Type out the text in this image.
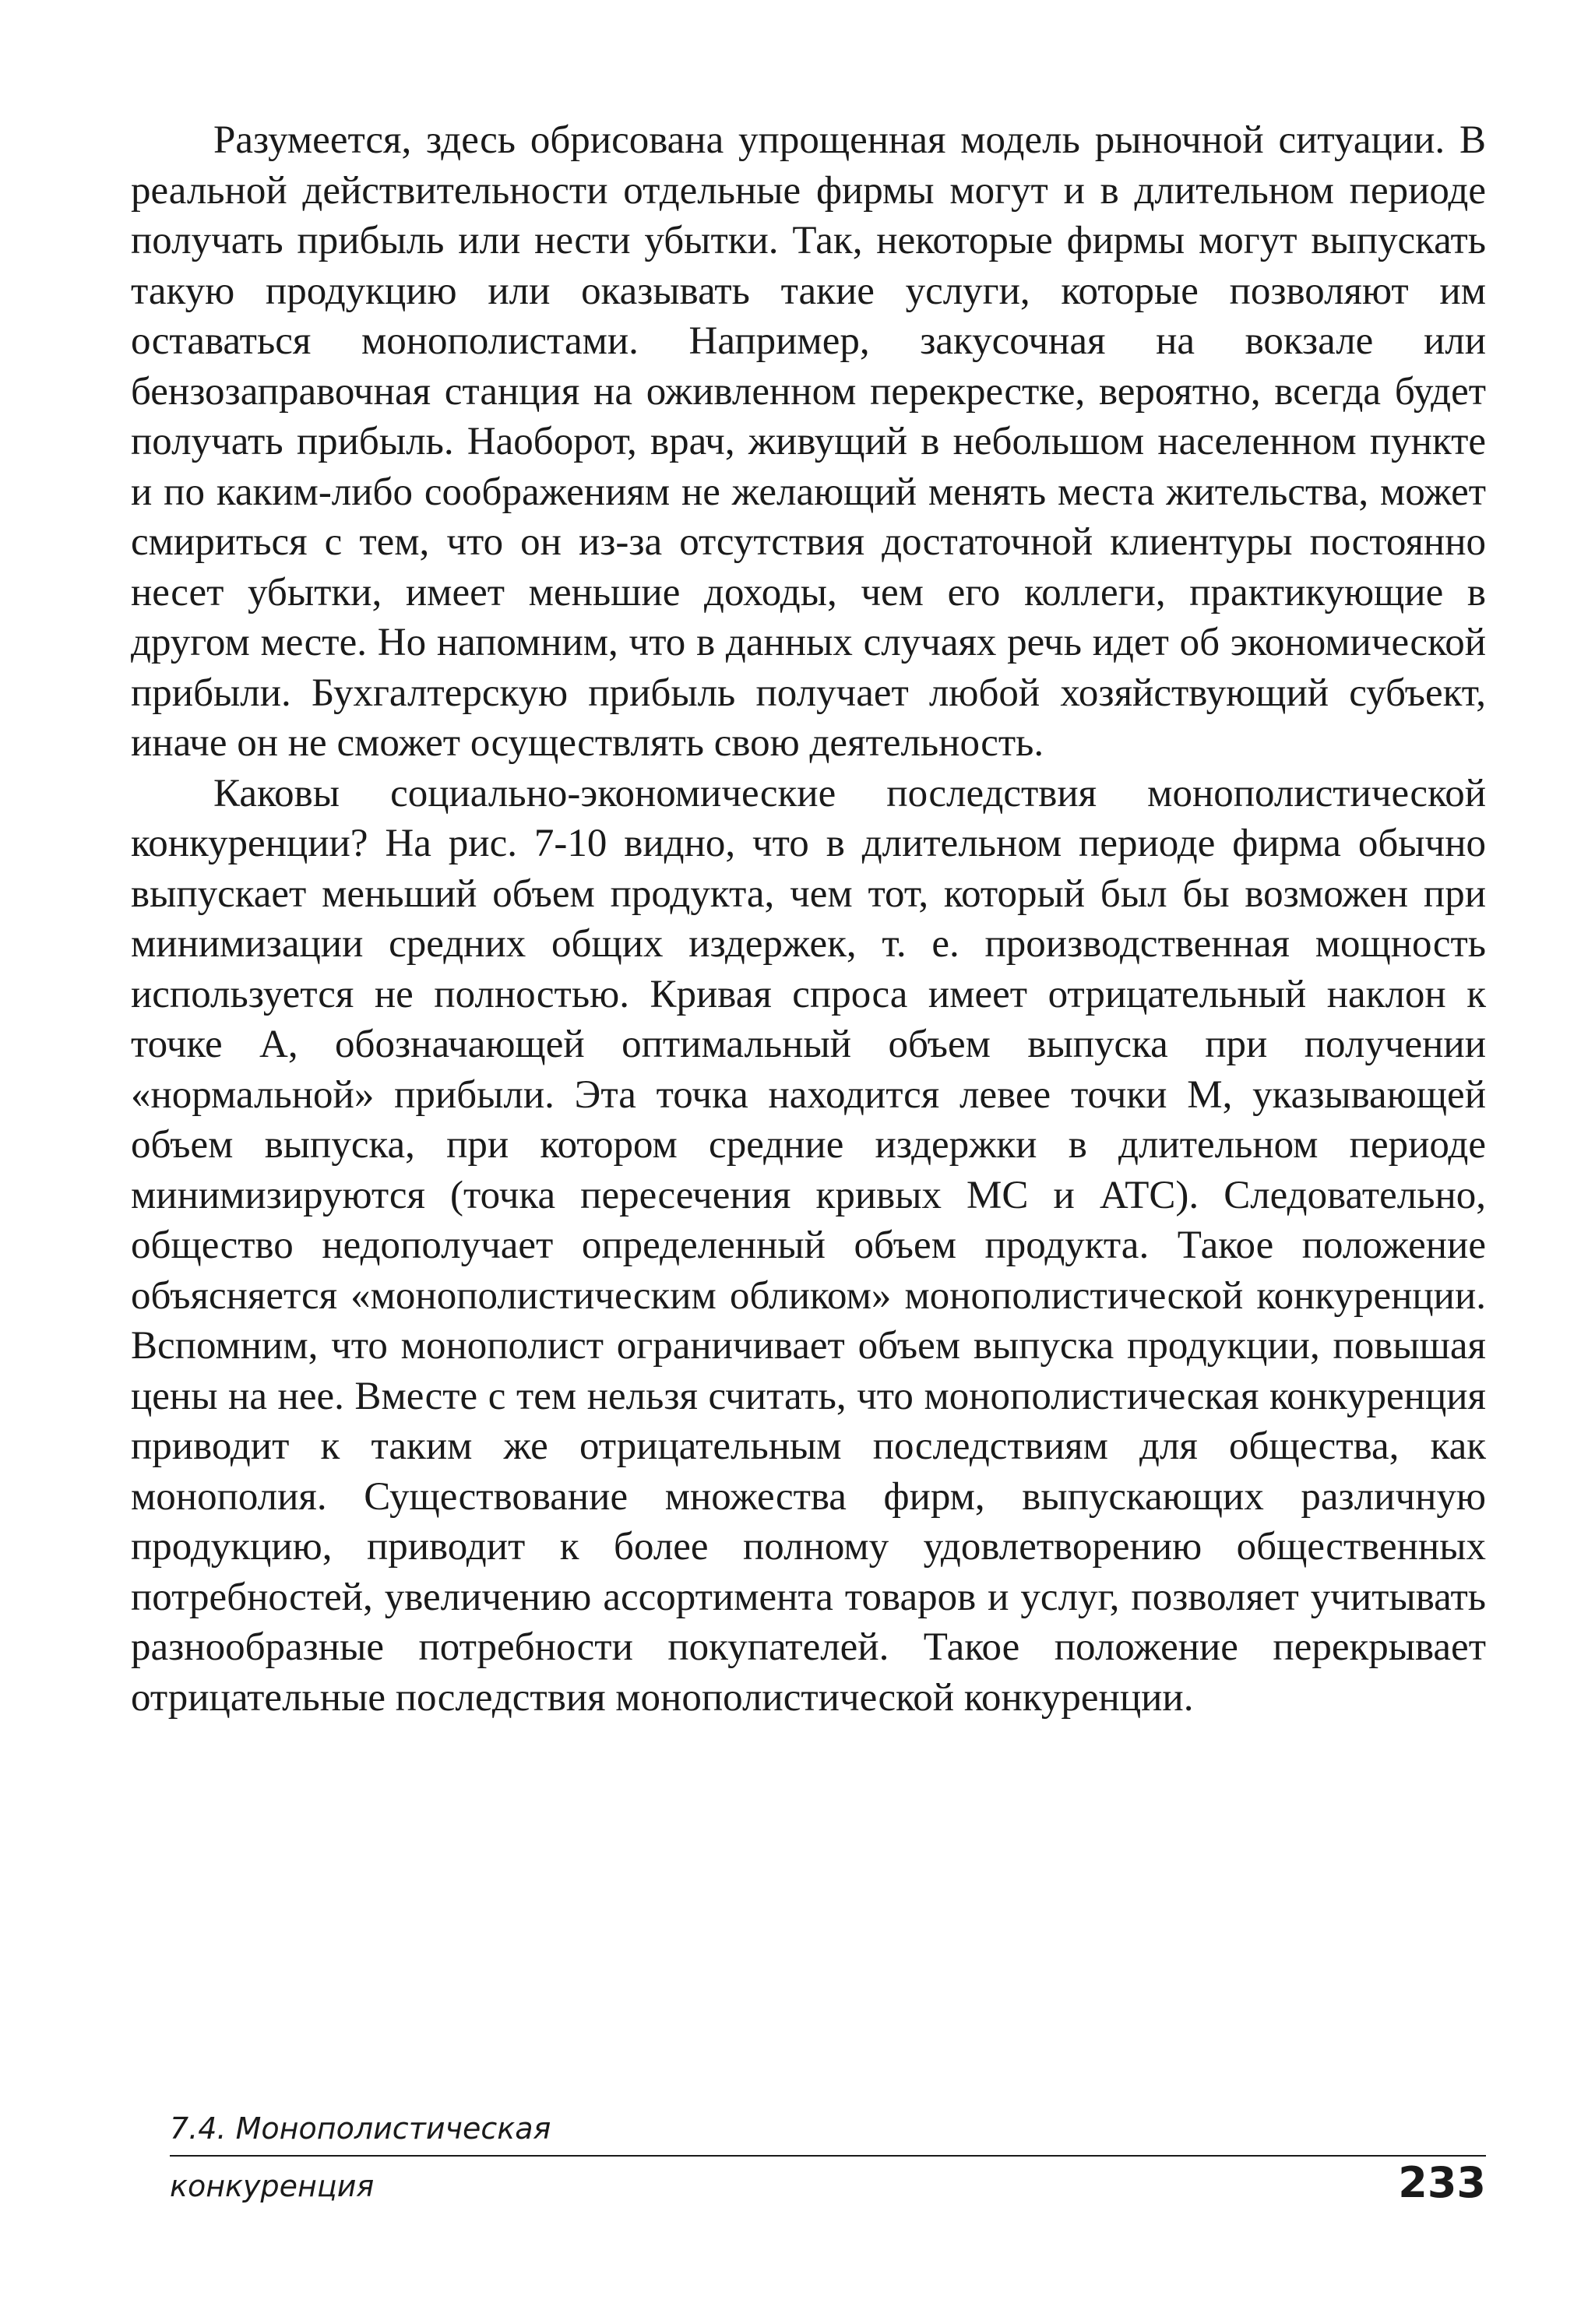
Разумеется, здесь обрисована упрощенная модель рыночной ситуации. В реальной действительности отдельные фирмы могут и в длительном периоде получать прибыль или нести убытки. Так, некоторые фирмы могут выпускать такую продукцию или оказывать такие услуги, которые позволяют им оставаться монополистами. Например, закусочная на вокзале или бензозаправочная станция на оживленном перекрестке, вероятно, всегда будет получать прибыль. Наоборот, врач, живущий в небольшом населенном пункте и по каким-либо соображениям не желающий менять места жительства, может смириться с тем, что он из-за отсутствия достаточной клиентуры постоянно несет убытки, имеет меньшие доходы, чем его коллеги, практикующие в другом месте. Но напомним, что в данных случаях речь идет об экономической прибыли. Бухгалтерскую прибыль получает любой хозяйствующий субъект, иначе он не сможет осуществлять свою деятельность.

Каковы социально-экономические последствия монополистической конкуренции? На рис. 7-10 видно, что в длительном периоде фирма обычно выпускает меньший объем продукта, чем тот, который был бы возможен при минимизации средних общих издержек, т. е. производственная мощность используется не полностью. Кривая спроса имеет отрицательный наклон к точке А, обозначающей оптимальный объем выпуска при получении «нормальной» прибыли. Эта точка находится левее точки М, указывающей объем выпуска, при котором средние издержки в длительном периоде минимизируются (точка пересечения кривых МС и АТС). Следовательно, общество недополучает определенный объем продукта. Такое положение объясняется «монополистическим обликом» монополистической конкуренции. Вспомним, что монополист ограничивает объем выпуска продукции, повышая цены на нее. Вместе с тем нельзя считать, что монополистическая конкуренция приводит к таким же отрицательным последствиям для общества, как монополия. Существование множества фирм, выпускающих различную продукцию, приводит к более полному удовлетворению общественных потребностей, увеличению ассортимента товаров и услуг, позволяет учитывать разнообразные потребности покупателей. Такое положение перекрывает отрицательные последствия монополистической конкуренции.

7.4. Монополистическая
конкуренция	233
